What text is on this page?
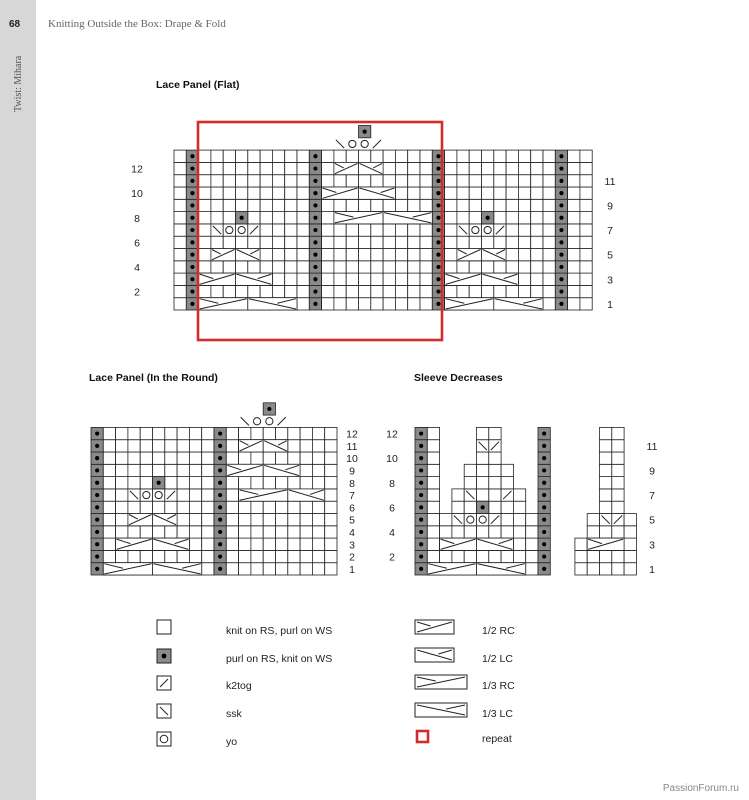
68
Twist: Mihara
Knitting Outside the Box: Drape & Fold
Lace Panel (Flat)
Lace Panel (In the Round)	Sleeve Decreases
12
10
8
6
4
2
11
9
7
5
3
1
12
11
10
9
8
7
6
5
4
3
2
1
12
10
8
6
4
2
11
9
7
5
3
1
knit on RS, purl on WS
purl on RS, knit on WS
k2tog
ssk
yo
1/2 RC
1/2 LC
1/3 RC
1/3 LC
repeat
PassionForum.ru
